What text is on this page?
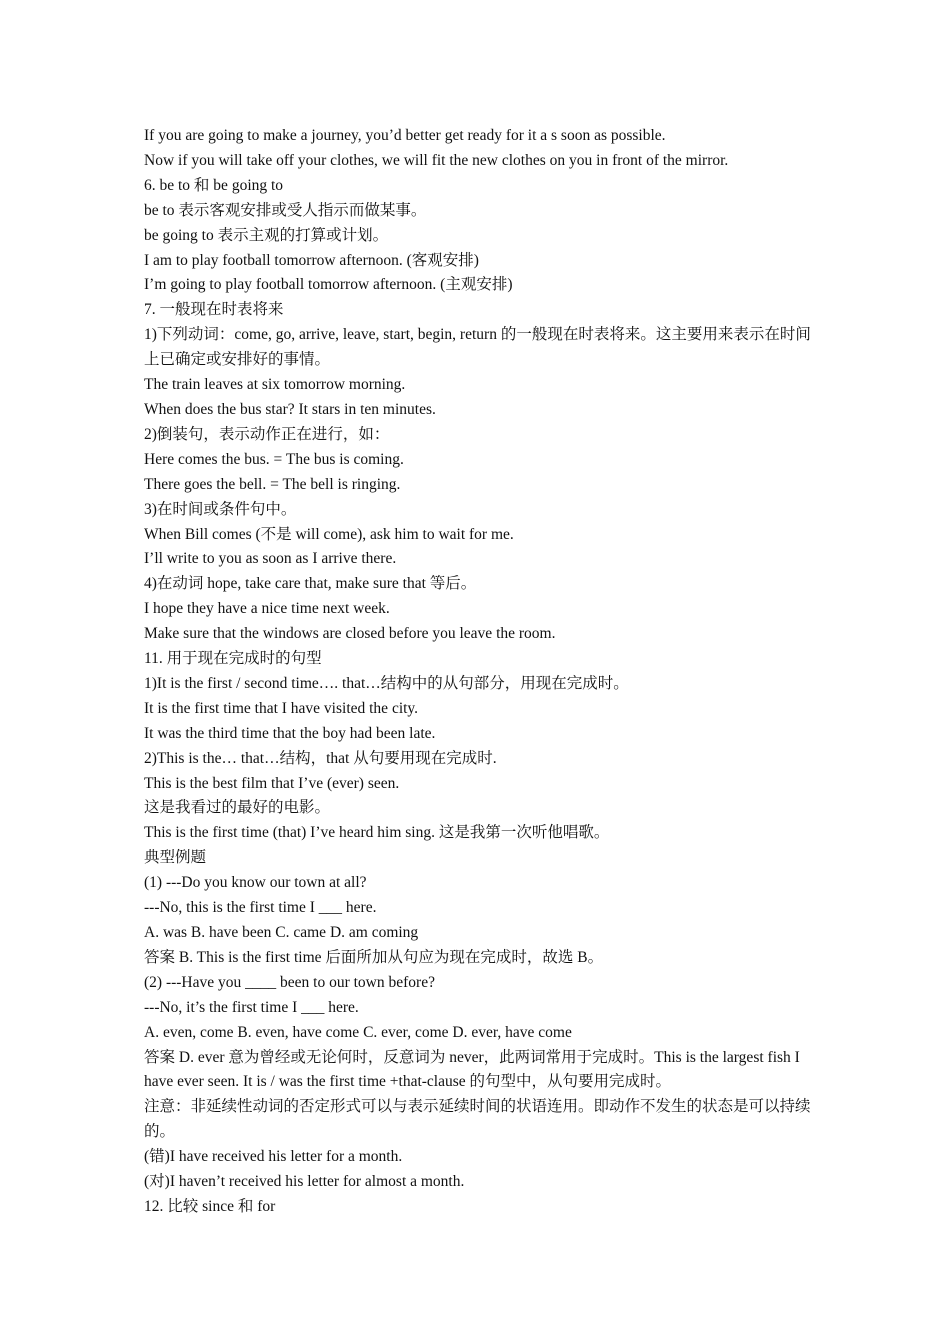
If you are going to make a journey, you’d better get ready for it a s soon as possible.

Now if you will take off your clothes, we will fit the new clothes on you in front of the mirror.

6. be to 和 be going to

be to 表示客观安排或受人指示而做某事。

be going to 表示主观的打算或计划。

I am to play football tomorrow afternoon. (客观安排)

I’m going to play football tomorrow afternoon. (主观安排)

7. 一般现在时表将来

1)下列动词：come, go, arrive, leave, start, begin, return 的一般现在时表将来。这主要用来表示在时间上已确定或安排好的事情。

The train leaves at six tomorrow morning.

When does the bus star? It stars in ten minutes.

2)倒装句，表示动作正在进行，如：

Here comes the bus. = The bus is coming.

There goes the bell. = The bell is ringing.

3)在时间或条件句中。

When Bill comes (不是 will come), ask him to wait for me.

I’ll write to you as soon as I arrive there.

4)在动词 hope, take care that, make sure that 等后。

I hope they have a nice time next week.

Make sure that the windows are closed before you leave the room.

11. 用于现在完成时的句型

1)It is the first / second time…. that…结构中的从句部分，用现在完成时。

It is the first time that I have visited the city.

It was the third time that the boy had been late.

2)This is the… that…结构，that 从句要用现在完成时.

This is the best film that I’ve (ever) seen.

这是我看过的最好的电影。

This is the first time (that) I’ve heard him sing. 这是我第一次听他唱歌。

典型例题

(1) ---Do you know our town at all?

---No, this is the first time I ___ here.

A. was B. have been C. came D. am coming

答案 B. This is the first time 后面所加从句应为现在完成时，故选 B。

(2) ---Have you ____ been to our town before?

---No, it’s the first time I ___ here.

A. even, come B. even, have come C. ever, come D. ever, have come

答案 D. ever 意为曾经或无论何时，反意词为 never，此两词常用于完成时。This is the largest fish I have ever seen. It is / was the first time +that-clause 的句型中，从句要用完成时。

注意：非延续性动词的否定形式可以与表示延续时间的状语连用。即动作不发生的状态是可以持续的。

(错)I have received his letter for a month.

(对)I haven’t received his letter for almost a month.

12. 比较 since 和 for
